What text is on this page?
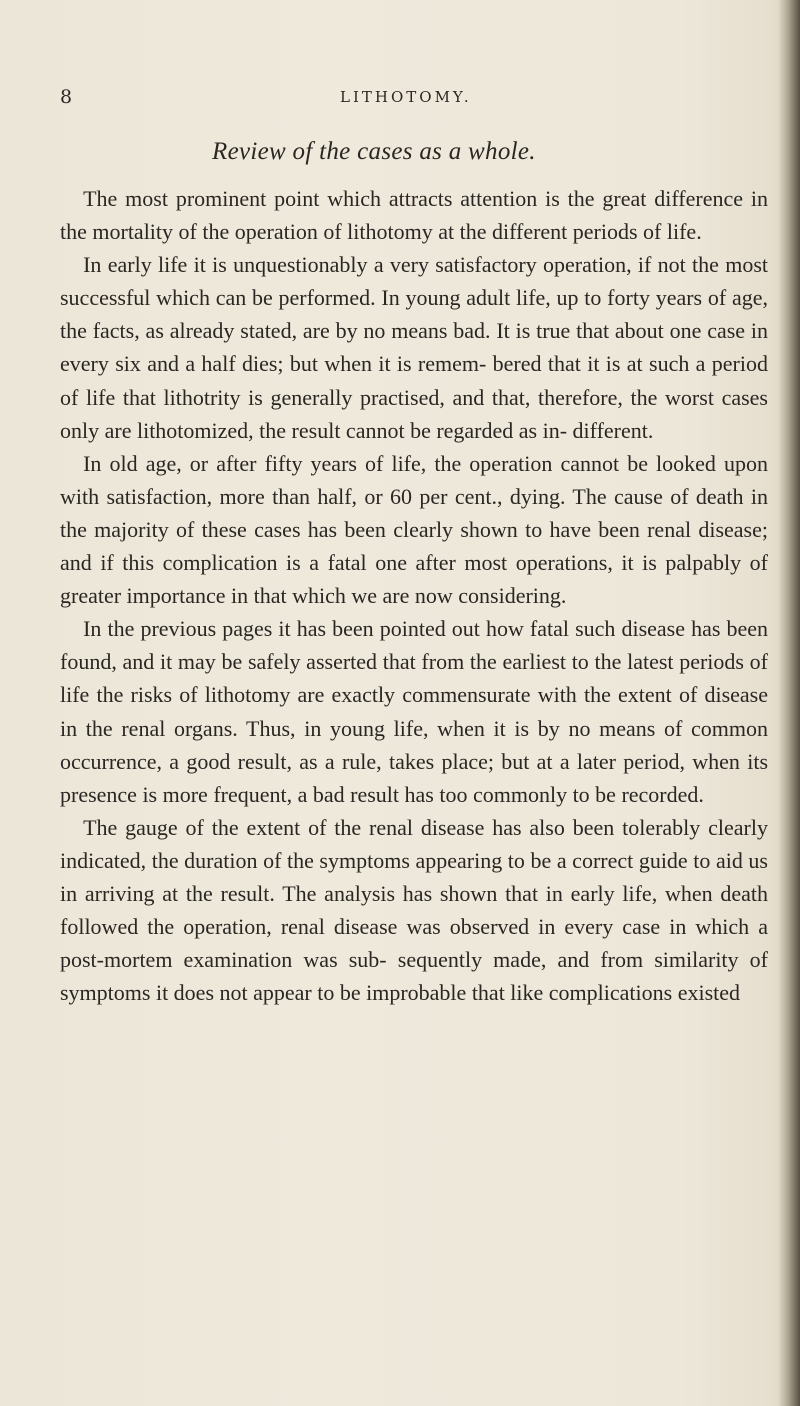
8	LITHOTOMY.
Review of the cases as a whole.

The most prominent point which attracts attention is the great difference in the mortality of the operation of lithotomy at the different periods of life.

In early life it is unquestionably a very satisfactory operation, if not the most successful which can be performed. In young adult life, up to forty years of age, the facts, as already stated, are by no means bad. It is true that about one case in every six and a half dies; but when it is remem- bered that it is at such a period of life that lithotrity is generally practised, and that, therefore, the worst cases only are lithotomized, the result cannot be regarded as in- different.

In old age, or after fifty years of life, the operation cannot be looked upon with satisfaction, more than half, or 60 per cent., dying. The cause of death in the majority of these cases has been clearly shown to have been renal disease; and if this complication is a fatal one after most operations, it is palpably of greater importance in that which we are now considering.

In the previous pages it has been pointed out how fatal such disease has been found, and it may be safely asserted that from the earliest to the latest periods of life the risks of lithotomy are exactly commensurate with the extent of disease in the renal organs. Thus, in young life, when it is by no means of common occurrence, a good result, as a rule, takes place; but at a later period, when its presence is more frequent, a bad result has too commonly to be recorded.

The gauge of the extent of the renal disease has also been tolerably clearly indicated, the duration of the symptoms appearing to be a correct guide to aid us in arriving at the result. The analysis has shown that in early life, when death followed the operation, renal disease was observed in every case in which a post-mortem examination was sub- sequently made, and from similarity of symptoms it does not appear to be improbable that like complications existed
